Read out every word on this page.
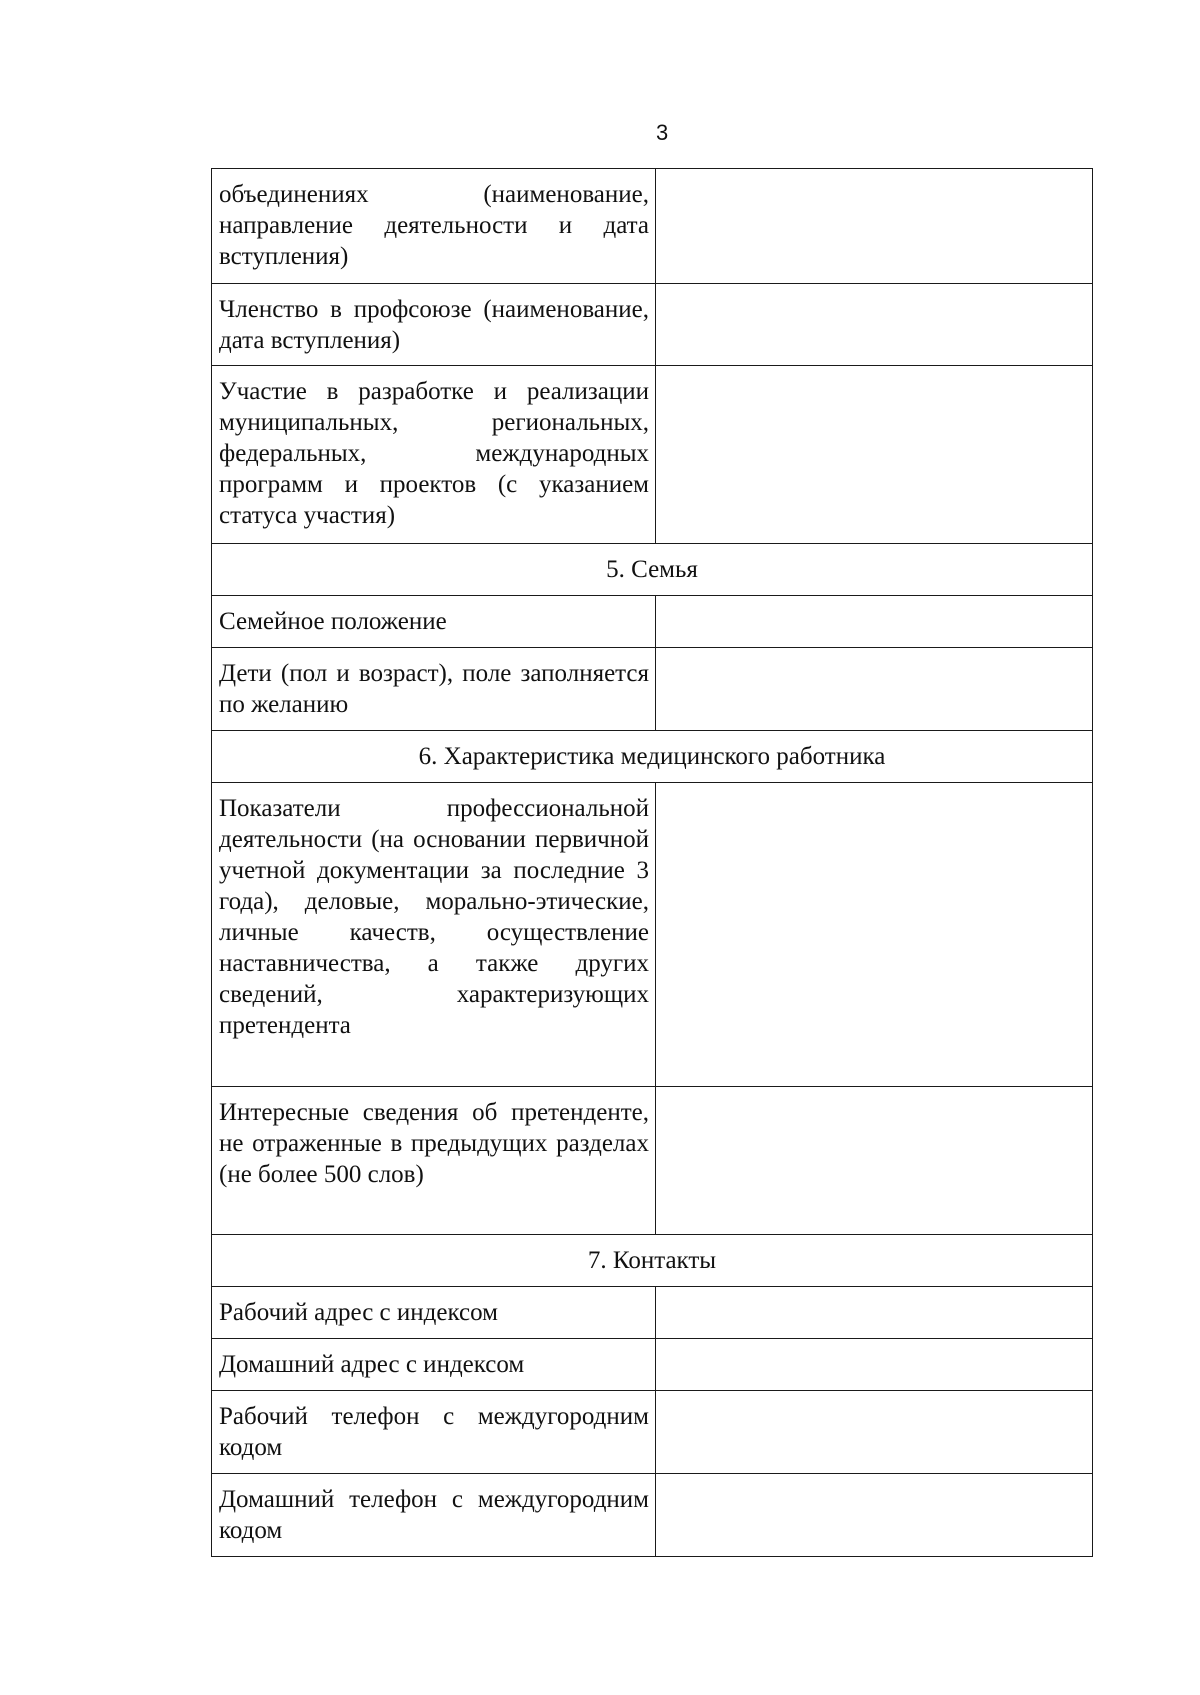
3
объединениях (наименование, направление деятельности и дата вступления)	
Членство в профсоюзе (наименование, дата вступления)	
Участие в разработке и реализации муниципальных, региональных, федеральных, международных программ и проектов (с указанием статуса участия)	
5. Семья	
Семейное положение	
Дети (пол и возраст), поле заполняется по желанию	
6. Характеристика медицинского работника	
Показатели профессиональной деятельности (на основании первичной учетной документации за последние 3 года), деловые, морально-этические, личные качеств, осуществление наставничества, а также других сведений, характеризующих претендента	
Интересные сведения об претенденте, не отраженные в предыдущих разделах (не более 500 слов)	
7. Контакты	
Рабочий адрес с индексом	
Домашний адрес с индексом	
Рабочий телефон с междугородним кодом	
Домашний телефон с междугородним кодом	
